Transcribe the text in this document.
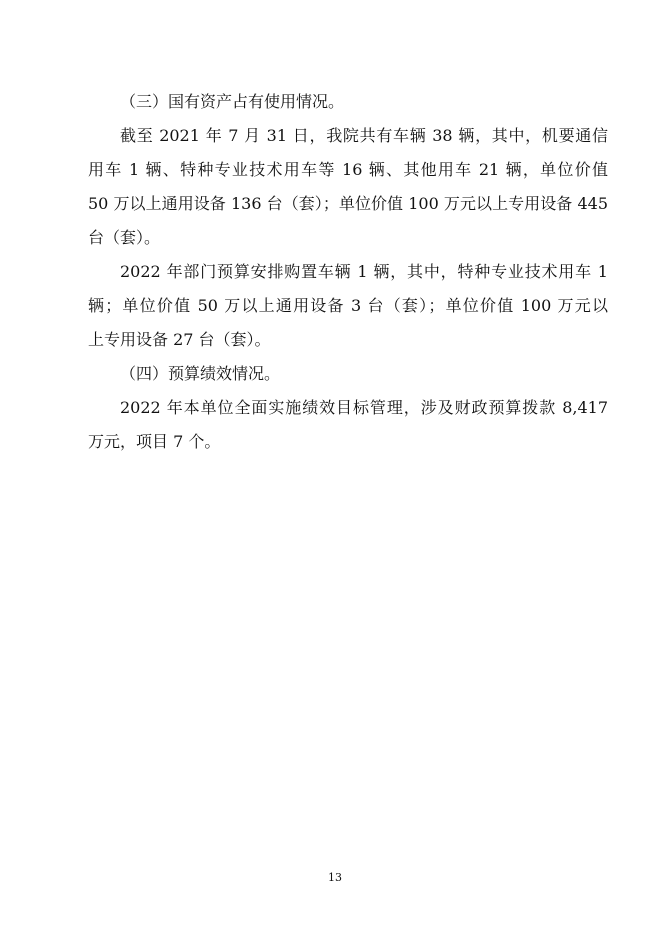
（三）国有资产占有使用情况。
截至 2021 年 7 月 31 日，我院共有车辆 38 辆，其中，机要通信
用车 1 辆、特种专业技术用车等 16 辆、其他用车 21 辆，单位价值
50 万以上通用设备 136 台（套）；单位价值 100 万元以上专用设备 445
台（套）。
2022 年部门预算安排购置车辆 1 辆，其中，特种专业技术用车 1
辆；单位价值 50 万以上通用设备 3 台（套）；单位价值 100 万元以
上专用设备 27 台（套）。
（四）预算绩效情况。
2022 年本单位全面实施绩效目标管理，涉及财政预算拨款 8,417
万元，项目 7 个。
13
